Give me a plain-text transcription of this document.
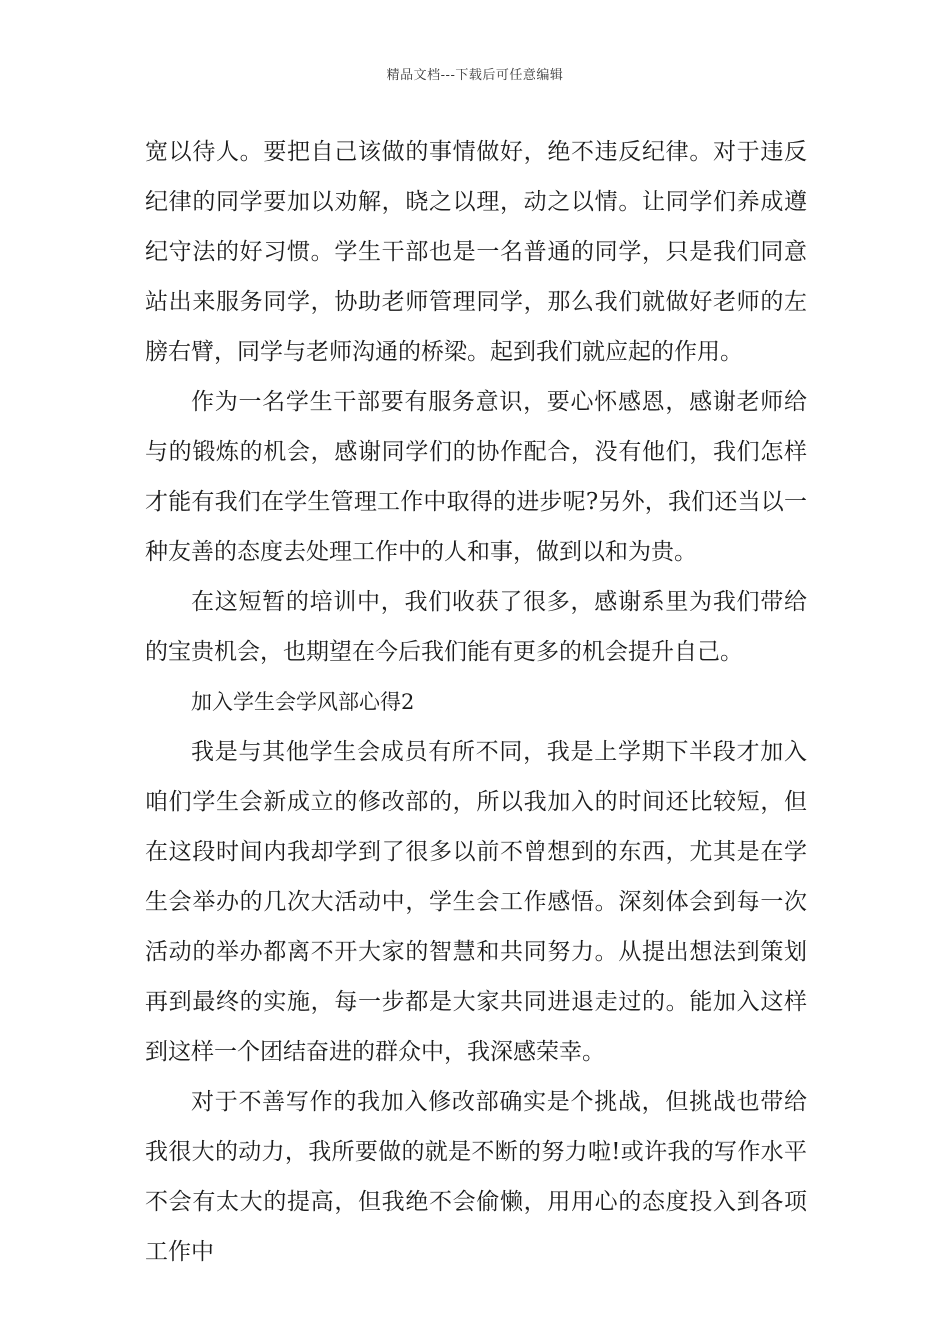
精品文档---下载后可任意编辑

宽以待人。要把自己该做的事情做好，绝不违反纪律。对于违反纪律的同学要加以劝解，晓之以理，动之以情。让同学们养成遵纪守法的好习惯。学生干部也是一名普通的同学，只是我们同意站出来服务同学，协助老师管理同学，那么我们就做好老师的左膀右臂，同学与老师沟通的桥梁。起到我们就应起的作用。

作为一名学生干部要有服务意识，要心怀感恩，感谢老师给与的锻炼的机会，感谢同学们的协作配合，没有他们，我们怎样才能有我们在学生管理工作中取得的进步呢?另外，我们还当以一种友善的态度去处理工作中的人和事，做到以和为贵。

在这短暂的培训中，我们收获了很多，感谢系里为我们带给的宝贵机会，也期望在今后我们能有更多的机会提升自己。

加入学生会学风部心得2

我是与其他学生会成员有所不同，我是上学期下半段才加入咱们学生会新成立的修改部的，所以我加入的时间还比较短，但在这段时间内我却学到了很多以前不曾想到的东西，尤其是在学生会举办的几次大活动中，学生会工作感悟。深刻体会到每一次活动的举办都离不开大家的智慧和共同努力。从提出想法到策划再到最终的实施，每一步都是大家共同进退走过的。能加入这样到这样一个团结奋进的群众中，我深感荣幸。

对于不善写作的我加入修改部确实是个挑战，但挑战也带给我很大的动力，我所要做的就是不断的努力啦!或许我的写作水平不会有太大的提高，但我绝不会偷懒，用用心的态度投入到各项工作中
